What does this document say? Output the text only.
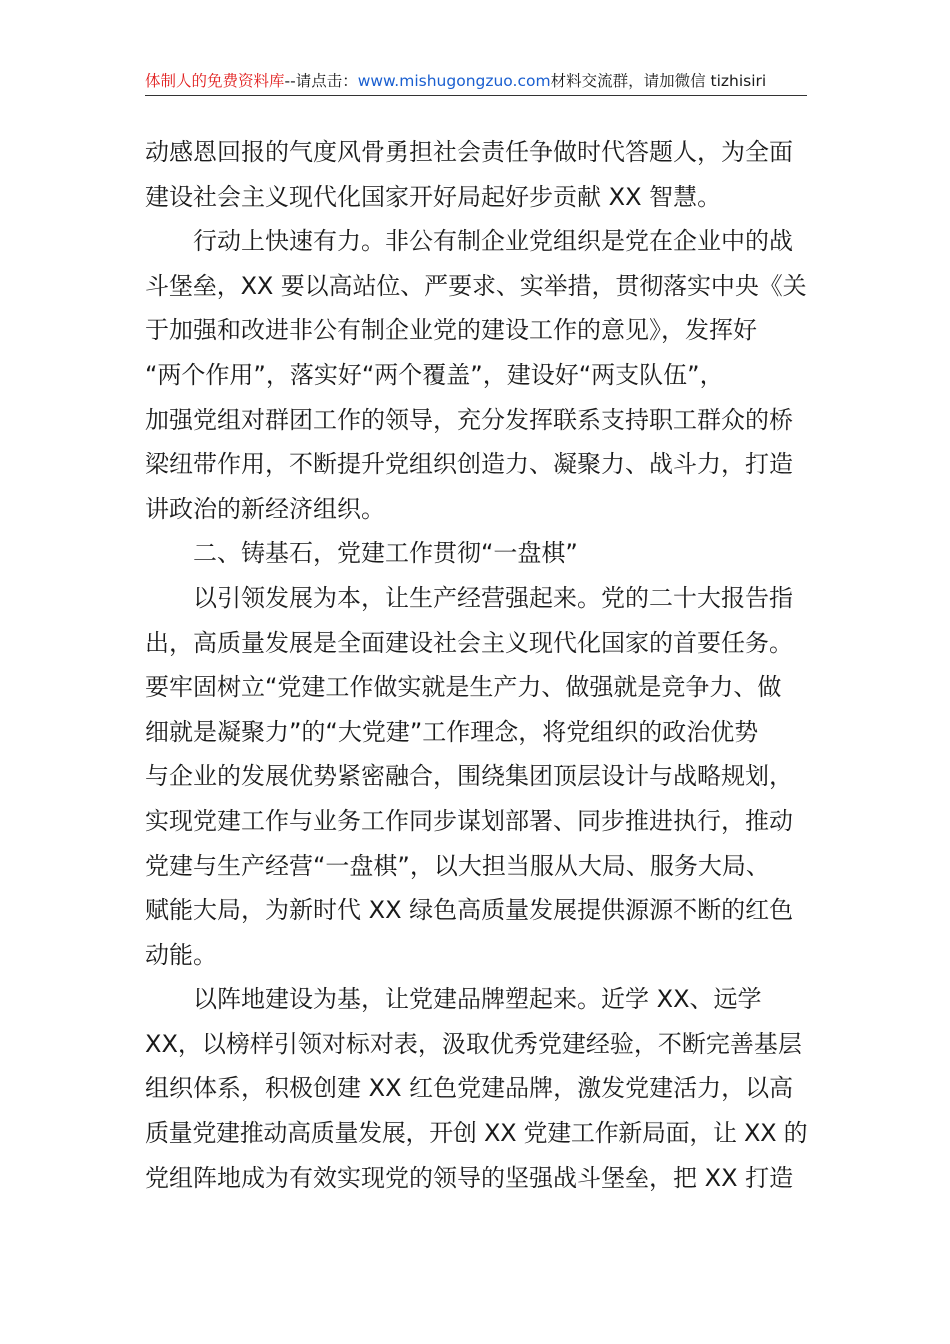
体制人的免费资料库--请点击：www.mishugongzuo.com材料交流群，请加微信 tizhisiri
动感恩回报的气度风骨勇担社会责任争做时代答题人，为全面
建设社会主义现代化国家开好局起好步贡献 XX 智慧。
行动上快速有力。非公有制企业党组织是党在企业中的战
斗堡垒，XX 要以高站位、严要求、实举措，贯彻落实中央《关
于加强和改进非公有制企业党的建设工作的意见》，发挥好
“两个作用”，落实好“两个覆盖”，建设好“两支队伍”，
加强党组对群团工作的领导，充分发挥联系支持职工群众的桥
梁纽带作用，不断提升党组织创造力、凝聚力、战斗力，打造
讲政治的新经济组织。
二、铸基石，党建工作贯彻“一盘棋”
以引领发展为本，让生产经营强起来。党的二十大报告指
出，高质量发展是全面建设社会主义现代化国家的首要任务。
要牢固树立“党建工作做实就是生产力、做强就是竞争力、做
细就是凝聚力”的“大党建”工作理念，将党组织的政治优势
与企业的发展优势紧密融合，围绕集团顶层设计与战略规划，
实现党建工作与业务工作同步谋划部署、同步推进执行，推动
党建与生产经营“一盘棋”，以大担当服从大局、服务大局、
赋能大局，为新时代 XX 绿色高质量发展提供源源不断的红色
动能。
以阵地建设为基，让党建品牌塑起来。近学 XX、远学
XX，以榜样引领对标对表，汲取优秀党建经验，不断完善基层
组织体系，积极创建 XX 红色党建品牌，激发党建活力，以高
质量党建推动高质量发展，开创 XX 党建工作新局面，让 XX 的
党组阵地成为有效实现党的领导的坚强战斗堡垒，把 XX 打造
